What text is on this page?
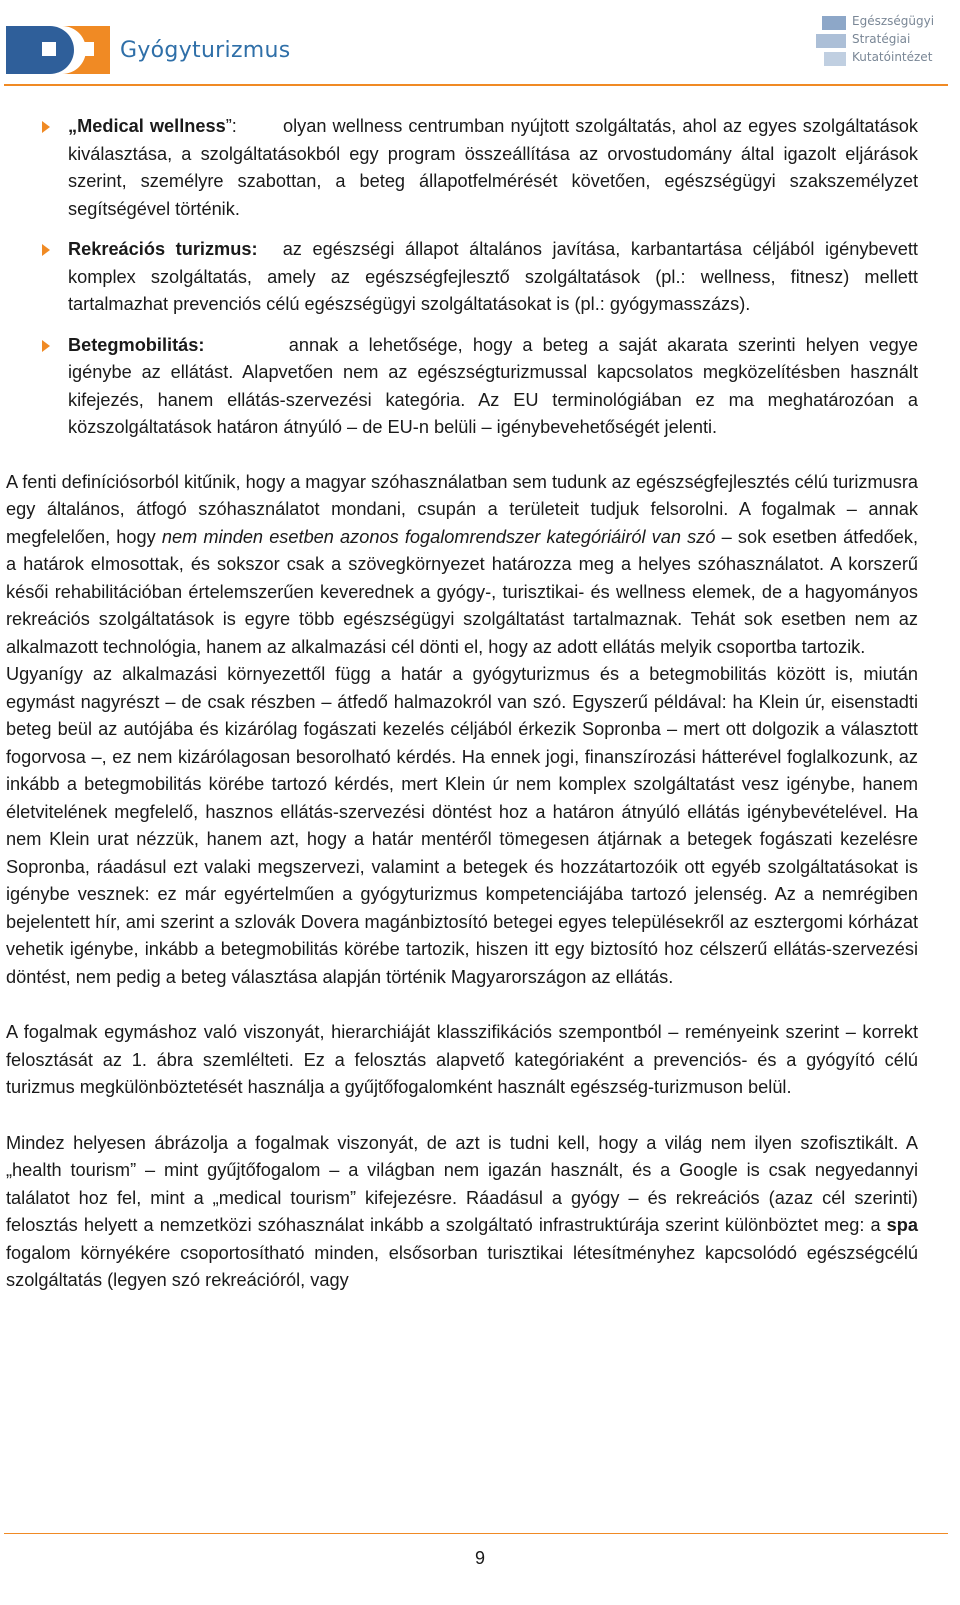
Gyógyturizmus
Egészségügyi
Stratégiai
Kutatóintézet
„Medical wellness”:	olyan wellness centrumban nyújtott szolgáltatás, ahol az egyes szolgáltatások kiválasztása, a szolgáltatásokból egy program összeállítása az orvostudomány által igazolt eljárások szerint, személyre szabottan, a beteg állapotfelmérését követően, egészségügyi szakszemélyzet segítségével történik.
Rekreációs turizmus: az egészségi állapot általános javítása, karbantartása céljából igénybevett komplex szolgáltatás, amely az egészségfejlesztő szolgáltatások (pl.: wellness, fitnesz) mellett tartalmazhat prevenciós célú egészségügyi szolgáltatásokat is (pl.: gyógymasszázs).
Betegmobilitás:	annak a lehetősége, hogy a beteg a saját akarata szerinti helyen vegye igénybe az ellátást. Alapvetően nem az egészségturizmussal kapcsolatos megközelítésben használt kifejezés, hanem ellátás-szervezési kategória. Az EU terminológiában ez ma meghatározóan a közszolgáltatások határon átnyúló – de EU-n belüli – igénybevehetőségét jelenti.

A fenti definíciósorból kitűnik, hogy a magyar szóhasználatban sem tudunk az egészségfejlesztés célú turizmusra egy általános, átfogó szóhasználatot mondani, csupán a területeit tudjuk felsorolni. A fogalmak – annak megfelelően, hogy nem minden esetben azonos fogalomrendszer kategóriáiról van szó – sok esetben átfedőek, a határok elmosottak, és sokszor csak a szövegkörnyezet határozza meg a helyes szóhasználatot. A korszerű késői rehabilitációban értelemszerűen keverednek a gyógy-, turisztikai- és wellness elemek, de a hagyományos rekreációs szolgáltatások is egyre több egészségügyi szolgáltatást tartalmaznak. Tehát sok esetben nem az alkalmazott technológia, hanem az alkalmazási cél dönti el, hogy az adott ellátás melyik csoportba tartozik.

Ugyanígy az alkalmazási környezettől függ a határ a gyógyturizmus és a betegmobilitás között is, miután egymást nagyrészt – de csak részben – átfedő halmazokról van szó. Egyszerű példával: ha Klein úr, eisenstadti beteg beül az autójába és kizárólag fogászati kezelés céljából érkezik Sopronba – mert ott dolgozik a választott fogorvosa –, ez nem kizárólagosan besorolható kérdés. Ha ennek jogi, finanszírozási hátterével foglalkozunk, az inkább a betegmobilitás körébe tartozó kérdés, mert Klein úr nem komplex szolgáltatást vesz igénybe, hanem életvitelének megfelelő, hasznos ellátás-szervezési döntést hoz a határon átnyúló ellátás igénybevételével. Ha nem Klein urat nézzük, hanem azt, hogy a határ mentéről tömegesen átjárnak a betegek fogászati kezelésre Sopronba, ráadásul ezt valaki megszervezi, valamint a betegek és hozzátartozóik ott egyéb szolgáltatásokat is igénybe vesznek: ez már egyértelműen a gyógyturizmus kompetenciájába tartozó jelenség. Az a nemrégiben bejelentett hír, ami szerint a szlovák Dovera magánbiztosító betegei egyes településekről az esztergomi kórházat vehetik igénybe, inkább a betegmobilitás körébe tartozik, hiszen itt egy biztosító hoz célszerű ellátás-szervezési döntést, nem pedig a beteg választása alapján történik Magyarországon az ellátás.

A fogalmak egymáshoz való viszonyát, hierarchiáját klasszifikációs szempontból – reményeink szerint – korrekt felosztását az 1. ábra szemlélteti. Ez a felosztás alapvető kategóriaként a prevenciós- és a gyógyító célú turizmus megkülönböztetését használja a gyűjtőfogalomként használt egészség-turizmuson belül.

Mindez helyesen ábrázolja a fogalmak viszonyát, de azt is tudni kell, hogy a világ nem ilyen szofisztikált. A „health tourism” – mint gyűjtőfogalom – a világban nem igazán használt, és a Google is csak negyedannyi találatot hoz fel, mint a „medical tourism” kifejezésre. Ráadásul a gyógy – és rekreációs (azaz cél szerinti) felosztás helyett a nemzetközi szóhasználat inkább a szolgáltató infrastruktúrája szerint különböztet meg: a spa fogalom környékére csoportosítható minden, elsősorban turisztikai létesítményhez kapcsolódó egészségcélú szolgáltatás (legyen szó rekreációról, vagy

9
